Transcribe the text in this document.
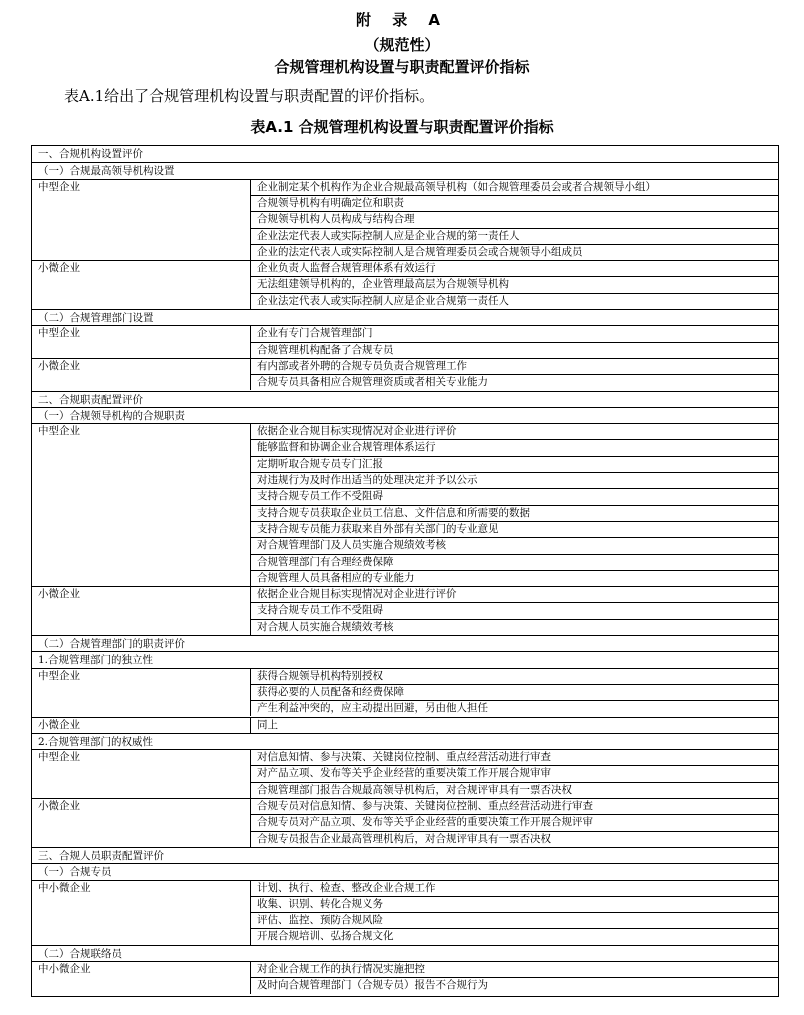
附 录 A
（规范性）
合规管理机构设置与职责配置评价指标
表A.1给出了合规管理机构设置与职责配置的评价指标。
表A.1 合规管理机构设置与职责配置评价指标
一、合规机构设置评价
（一）合规最高领导机构设置
中型企业	企业制定某个机构作为企业合规最高领导机构（如合规管理委员会或者合规领导小组）
合规领导机构有明确定位和职责
合规领导机构人员构成与结构合理
企业法定代表人或实际控制人应是企业合规的第一责任人
企业的法定代表人或实际控制人是合规管理委员会或合规领导小组成员
小微企业	企业负责人监督合规管理体系有效运行
无法组建领导机构的，企业管理最高层为合规领导机构
企业法定代表人或实际控制人应是企业合规第一责任人
（二）合规管理部门设置
中型企业	企业有专门合规管理部门
合规管理机构配备了合规专员
小微企业	有内部或者外聘的合规专员负责合规管理工作
合规专员具备相应合规管理资质或者相关专业能力
二、合规职责配置评价
（一）合规领导机构的合规职责
中型企业	依据企业合规目标实现情况对企业进行评价
能够监督和协调企业合规管理体系运行
定期听取合规专员专门汇报
对违规行为及时作出适当的处理决定并予以公示
支持合规专员工作不受阻碍
支持合规专员获取企业员工信息、文件信息和所需要的数据
支持合规专员能力获取来自外部有关部门的专业意见
对合规管理部门及人员实施合规绩效考核
合规管理部门有合理经费保障
合规管理人员具备相应的专业能力
小微企业	依据企业合规目标实现情况对企业进行评价
支持合规专员工作不受阻碍
对合规人员实施合规绩效考核
（二）合规管理部门的职责评价
1.合规管理部门的独立性
中型企业	获得合规领导机构特别授权
获得必要的人员配备和经费保障
产生利益冲突的，应主动提出回避，另由他人担任
小微企业	同上
2.合规管理部门的权威性
中型企业	对信息知情、参与决策、关键岗位控制、重点经营活动进行审查
对产品立项、发布等关乎企业经营的重要决策工作开展合规审审
合规管理部门报告合规最高领导机构后，对合规评审具有一票否决权
小微企业	合规专员对信息知情、参与决策、关键岗位控制、重点经营活动进行审查
合规专员对产品立项、发布等关乎企业经营的重要决策工作开展合规评审
合规专员报告企业最高管理机构后，对合规评审具有一票否决权
三、合规人员职责配置评价
（一）合规专员
中小微企业	计划、执行、检查、整改企业合规工作
收集、识别、转化合规义务
评估、监控、预防合规风险
开展合规培训、弘扬合规文化
（二）合规联络员
中小微企业	对企业合规工作的执行情况实施把控
及时向合规管理部门（合规专员）报告不合规行为
